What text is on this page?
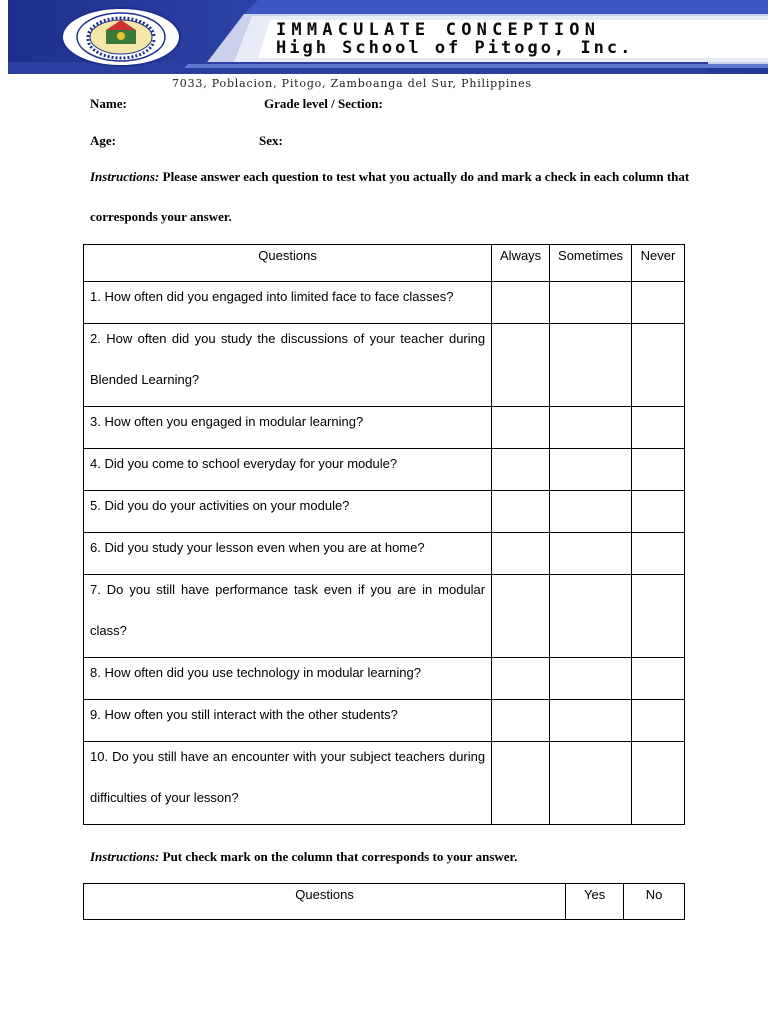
IMMACULATE CONCEPTION
High School of Pitogo, Inc.
7033, Poblacion, Pitogo, Zamboanga del Sur, Philippines
Name:	Grade level / Section:
Age:	Sex:
Instructions: Please answer each question to test what you actually do and mark a check in each column that corresponds your answer.
Questions	Always	Sometimes	Never
1. How often did you engaged into limited face to face classes?			
2. How often did you study the discussions of your teacher during Blended Learning?			
3. How often you engaged in modular learning?			
4. Did you come to school everyday for your module?			
5. Did you do your activities on your module?			
6. Did you study your lesson even when you are at home?			
7. Do you still have performance task even if you are in modular class?			
8. How often did you use technology in modular learning?			
9. How often you still interact with the other students?			
10. Do you still have an encounter with your subject teachers during difficulties of your lesson?			
Instructions: Put check mark on the column that corresponds to your answer.
Questions	Yes	No
